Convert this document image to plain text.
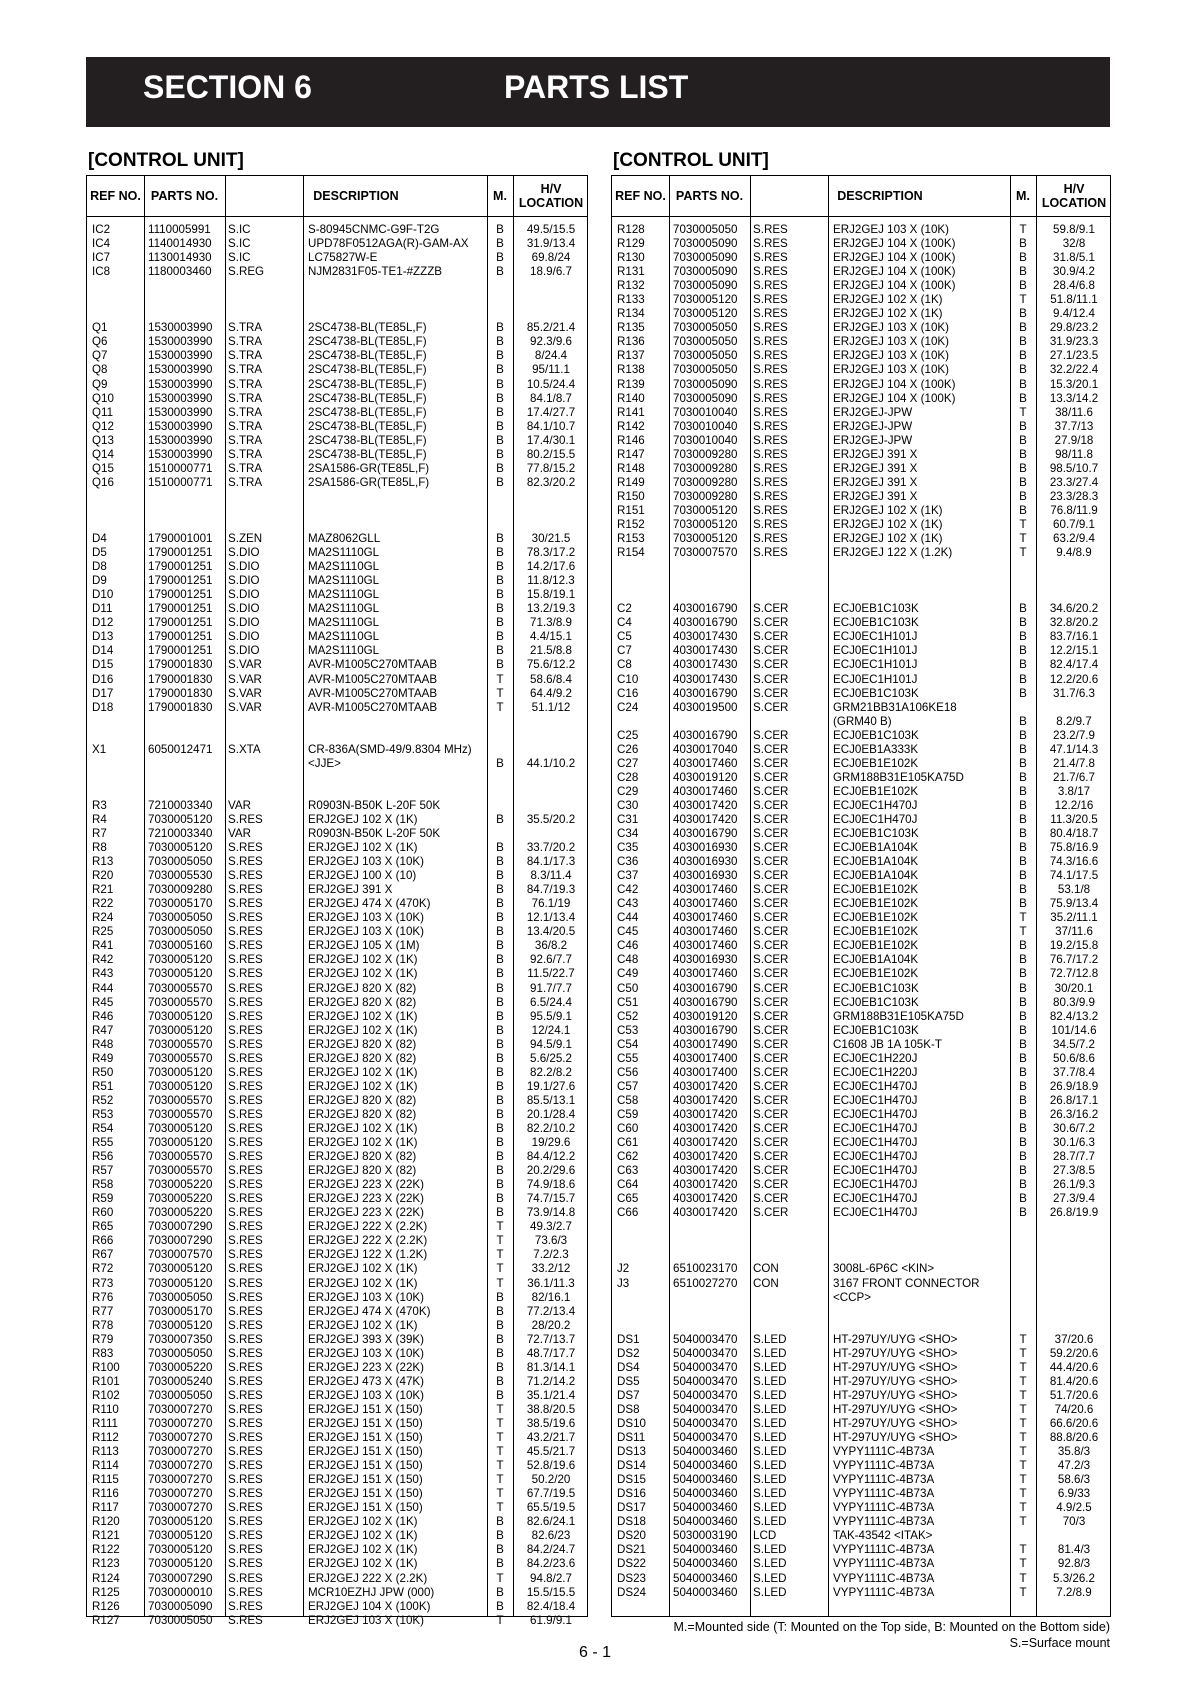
SECTION 6	PARTS LIST
[CONTROL UNIT]	[CONTROL UNIT]
REF NO. PARTS NO.	DESCRIPTION	M.	H/V LOCATION
IC2	1110005991 S.IC	S-80945CNMC-G9F-T2G	B	49.5/15.5
IC4	1140014930 S.IC	UPD78F0512AGA(R)-GAM-AX	B	31.9/13.4
IC7	1130014930 S.IC	LC75827W-E	B	69.8/24
IC8	1180003460 S.REG	NJM2831F05-TE1-#ZZZB	B	18.9/6.7
Q1	1530003990 S.TRA	2SC4738-BL(TE85L,F)	B	85.2/21.4
Q6	1530003990 S.TRA	2SC4738-BL(TE85L,F)	B	92.3/9.6
Q7	1530003990 S.TRA	2SC4738-BL(TE85L,F)	B	8/24.4
Q8	1530003990 S.TRA	2SC4738-BL(TE85L,F)	B	95/11.1
Q9	1530003990 S.TRA	2SC4738-BL(TE85L,F)	B	10.5/24.4
Q10	1530003990 S.TRA	2SC4738-BL(TE85L,F)	B	84.1/8.7
Q11	1530003990 S.TRA	2SC4738-BL(TE85L,F)	B	17.4/27.7
Q12	1530003990 S.TRA	2SC4738-BL(TE85L,F)	B	84.1/10.7
Q13	1530003990 S.TRA	2SC4738-BL(TE85L,F)	B	17.4/30.1
Q14	1530003990 S.TRA	2SC4738-BL(TE85L,F)	B	80.2/15.5
Q15	1510000771 S.TRA	2SA1586-GR(TE85L,F)	B	77.8/15.2
Q16	1510000771 S.TRA	2SA1586-GR(TE85L,F)	B	82.3/20.2
D4	1790001001 S.ZEN	MAZ8062GLL	B	30/21.5
D5	1790001251 S.DIO	MA2S1110GL	B	78.3/17.2
D8	1790001251 S.DIO	MA2S1110GL	B	14.2/17.6
D9	1790001251 S.DIO	MA2S1110GL	B	11.8/12.3
D10	1790001251 S.DIO	MA2S1110GL	B	15.8/19.1
D11	1790001251 S.DIO	MA2S1110GL	B	13.2/19.3
D12	1790001251 S.DIO	MA2S1110GL	B	71.3/8.9
D13	1790001251 S.DIO	MA2S1110GL	B	4.4/15.1
D14	1790001251 S.DIO	MA2S1110GL	B	21.5/8.8
D15	1790001830 S.VAR	AVR-M1005C270MTAAB	B	75.6/12.2
D16	1790001830 S.VAR	AVR-M1005C270MTAAB	T	58.6/8.4
D17	1790001830 S.VAR	AVR-M1005C270MTAAB	T	64.4/9.2
D18	1790001830 S.VAR	AVR-M1005C270MTAAB	T	51.1/12
X1	6050012471 S.XTA	CR-836A(SMD-49/9.8304 MHz)
<JJE>	B	44.1/10.2
R3	7210003340 VAR	R0903N-B50K L-20F 50K
R4	7030005120 S.RES	ERJ2GEJ 102 X (1K)	B	35.5/20.2
R7	7210003340 VAR	R0903N-B50K L-20F 50K
R8	7030005120 S.RES	ERJ2GEJ 102 X (1K)	B	33.7/20.2
R13	7030005050 S.RES	ERJ2GEJ 103 X (10K)	B	84.1/17.3
R20	7030005530 S.RES	ERJ2GEJ 100 X (10)	B	8.3/11.4
R21	7030009280 S.RES	ERJ2GEJ 391 X	B	84.7/19.3
R22	7030005170 S.RES	ERJ2GEJ 474 X (470K)	B	76.1/19
R24	7030005050 S.RES	ERJ2GEJ 103 X (10K)	B	12.1/13.4
R25	7030005050 S.RES	ERJ2GEJ 103 X (10K)	B	13.4/20.5
R41	7030005160 S.RES	ERJ2GEJ 105 X (1M)	B	36/8.2
R42	7030005120 S.RES	ERJ2GEJ 102 X (1K)	B	92.6/7.7
R43	7030005120 S.RES	ERJ2GEJ 102 X (1K)	B	11.5/22.7
R44	7030005570 S.RES	ERJ2GEJ 820 X (82)	B	91.7/7.7
R45	7030005570 S.RES	ERJ2GEJ 820 X (82)	B	6.5/24.4
R46	7030005120 S.RES	ERJ2GEJ 102 X (1K)	B	95.5/9.1
R47	7030005120 S.RES	ERJ2GEJ 102 X (1K)	B	12/24.1
R48	7030005570 S.RES	ERJ2GEJ 820 X (82)	B	94.5/9.1
R49	7030005570 S.RES	ERJ2GEJ 820 X (82)	B	5.6/25.2
R50	7030005120 S.RES	ERJ2GEJ 102 X (1K)	B	82.2/8.2
R51	7030005120 S.RES	ERJ2GEJ 102 X (1K)	B	19.1/27.6
R52	7030005570 S.RES	ERJ2GEJ 820 X (82)	B	85.5/13.1
R53	7030005570 S.RES	ERJ2GEJ 820 X (82)	B	20.1/28.4
R54	7030005120 S.RES	ERJ2GEJ 102 X (1K)	B	82.2/10.2
R55	7030005120 S.RES	ERJ2GEJ 102 X (1K)	B	19/29.6
R56	7030005570 S.RES	ERJ2GEJ 820 X (82)	B	84.4/12.2
R57	7030005570 S.RES	ERJ2GEJ 820 X (82)	B	20.2/29.6
R58	7030005220 S.RES	ERJ2GEJ 223 X (22K)	B	74.9/18.6
R59	7030005220 S.RES	ERJ2GEJ 223 X (22K)	B	74.7/15.7
R60	7030005220 S.RES	ERJ2GEJ 223 X (22K)	B	73.9/14.8
R65	7030007290 S.RES	ERJ2GEJ 222 X (2.2K)	T	49.3/2.7
R66	7030007290 S.RES	ERJ2GEJ 222 X (2.2K)	T	73.6/3
R67	7030007570 S.RES	ERJ2GEJ 122 X (1.2K)	T	7.2/2.3
R72	7030005120 S.RES	ERJ2GEJ 102 X (1K)	T	33.2/12
R73	7030005120 S.RES	ERJ2GEJ 102 X (1K)	T	36.1/11.3
R76	7030005050 S.RES	ERJ2GEJ 103 X (10K)	B	82/16.1
R77	7030005170 S.RES	ERJ2GEJ 474 X (470K)	B	77.2/13.4
R78	7030005120 S.RES	ERJ2GEJ 102 X (1K)	B	28/20.2
R79	7030007350 S.RES	ERJ2GEJ 393 X (39K)	B	72.7/13.7
R83	7030005050 S.RES	ERJ2GEJ 103 X (10K)	B	48.7/17.7
R100 7030005220 S.RES	ERJ2GEJ 223 X (22K)	B	81.3/14.1
R101 7030005240 S.RES	ERJ2GEJ 473 X (47K)	B	71.2/14.2
R102 7030005050 S.RES	ERJ2GEJ 103 X (10K)	B	35.1/21.4
R110	7030007270 S.RES	ERJ2GEJ 151 X (150)	T	38.8/20.5
R111	7030007270 S.RES	ERJ2GEJ 151 X (150)	T	38.5/19.6
R112	7030007270 S.RES	ERJ2GEJ 151 X (150)	T	43.2/21.7
R113	7030007270 S.RES	ERJ2GEJ 151 X (150)	T	45.5/21.7
R114	7030007270 S.RES	ERJ2GEJ 151 X (150)	T	52.8/19.6
R115	7030007270 S.RES	ERJ2GEJ 151 X (150)	T	50.2/20
R116	7030007270 S.RES	ERJ2GEJ 151 X (150)	T	67.7/19.5
R117	7030007270 S.RES	ERJ2GEJ 151 X (150)	T	65.5/19.5
R120 7030005120 S.RES	ERJ2GEJ 102 X (1K)	B	82.6/24.1
R121 7030005120 S.RES	ERJ2GEJ 102 X (1K)	B	82.6/23
R122 7030005120 S.RES	ERJ2GEJ 102 X (1K)	B	84.2/24.7
R123 7030005120 S.RES	ERJ2GEJ 102 X (1K)	B	84.2/23.6
R124 7030007290 S.RES	ERJ2GEJ 222 X (2.2K)	T	94.8/2.7
R125 7030000010 S.RES	MCR10EZHJ JPW (000)	B	15.5/15.5
R126 7030005090 S.RES	ERJ2GEJ 104 X (100K)	B	82.4/18.4
R127 7030005050 S.RES	ERJ2GEJ 103 X (10K)	T	61.9/9.1
REF NO. PARTS NO.	DESCRIPTION	M.	H/V LOCATION
R128 7030005050 S.RES	ERJ2GEJ 103 X (10K)	T	59.8/9.1
R129 7030005090 S.RES	ERJ2GEJ 104 X (100K)	B	32/8
R130 7030005090 S.RES	ERJ2GEJ 104 X (100K)	B	31.8/5.1
R131 7030005090 S.RES	ERJ2GEJ 104 X (100K)	B	30.9/4.2
R132 7030005090 S.RES	ERJ2GEJ 104 X (100K)	B	28.4/6.8
R133 7030005120 S.RES	ERJ2GEJ 102 X (1K)	T	51.8/11.1
R134 7030005120 S.RES	ERJ2GEJ 102 X (1K)	B	9.4/12.4
R135 7030005050 S.RES	ERJ2GEJ 103 X (10K)	B	29.8/23.2
R136 7030005050 S.RES	ERJ2GEJ 103 X (10K)	B	31.9/23.3
R137 7030005050 S.RES	ERJ2GEJ 103 X (10K)	B	27.1/23.5
R138 7030005050 S.RES	ERJ2GEJ 103 X (10K)	B	32.2/22.4
R139 7030005090 S.RES	ERJ2GEJ 104 X (100K)	B	15.3/20.1
R140 7030005090 S.RES	ERJ2GEJ 104 X (100K)	B	13.3/14.2
R141 7030010040 S.RES	ERJ2GEJ-JPW	T	38/11.6
R142 7030010040 S.RES	ERJ2GEJ-JPW	B	37.7/13
R146 7030010040 S.RES	ERJ2GEJ-JPW	B	27.9/18
R147 7030009280 S.RES	ERJ2GEJ 391 X	B	98/11.8
R148 7030009280 S.RES	ERJ2GEJ 391 X	B	98.5/10.7
R149 7030009280 S.RES	ERJ2GEJ 391 X	B	23.3/27.4
R150 7030009280 S.RES	ERJ2GEJ 391 X	B	23.3/28.3
R151 7030005120 S.RES	ERJ2GEJ 102 X (1K)	B	76.8/11.9
R152 7030005120 S.RES	ERJ2GEJ 102 X (1K)	T	60.7/9.1
R153 7030005120 S.RES	ERJ2GEJ 102 X (1K)	T	63.2/9.4
R154 7030007570 S.RES	ERJ2GEJ 122 X (1.2K)	T	9.4/8.9
C2	4030016790 S.CER	ECJ0EB1C103K	B	34.6/20.2
C4	4030016790 S.CER	ECJ0EB1C103K	B	32.8/20.2
C5	4030017430 S.CER	ECJ0EC1H101J	B	83.7/16.1
C7	4030017430 S.CER	ECJ0EC1H101J	B	12.2/15.1
C8	4030017430 S.CER	ECJ0EC1H101J	B	82.4/17.4
C10	4030017430 S.CER	ECJ0EC1H101J	B	12.2/20.6
C16	4030016790 S.CER	ECJ0EB1C103K	B	31.7/6.3
C24	4030019500 S.CER	GRM21BB31A106KE18
(GRM40 B)	B	8.2/9.7
C25	4030016790 S.CER	ECJ0EB1C103K	B	23.2/7.9
C26	4030017040 S.CER	ECJ0EB1A333K	B	47.1/14.3
C27	4030017460 S.CER	ECJ0EB1E102K	B	21.4/7.8
C28	4030019120 S.CER	GRM188B31E105KA75D	B	21.7/6.7
C29	4030017460 S.CER	ECJ0EB1E102K	B	3.8/17
C30	4030017420 S.CER	ECJ0EC1H470J	B	12.2/16
C31	4030017420 S.CER	ECJ0EC1H470J	B	11.3/20.5
C34	4030016790 S.CER	ECJ0EB1C103K	B	80.4/18.7
C35	4030016930 S.CER	ECJ0EB1A104K	B	75.8/16.9
C36	4030016930 S.CER	ECJ0EB1A104K	B	74.3/16.6
C37	4030016930 S.CER	ECJ0EB1A104K	B	74.1/17.5
C42	4030017460 S.CER	ECJ0EB1E102K	B	53.1/8
C43	4030017460 S.CER	ECJ0EB1E102K	B	75.9/13.4
C44	4030017460 S.CER	ECJ0EB1E102K	T	35.2/11.1
C45	4030017460 S.CER	ECJ0EB1E102K	T	37/11.6
C46	4030017460 S.CER	ECJ0EB1E102K	B	19.2/15.8
C48	4030016930 S.CER	ECJ0EB1A104K	B	76.7/17.2
C49	4030017460 S.CER	ECJ0EB1E102K	B	72.7/12.8
C50	4030016790 S.CER	ECJ0EB1C103K	B	30/20.1
C51	4030016790 S.CER	ECJ0EB1C103K	B	80.3/9.9
C52	4030019120 S.CER	GRM188B31E105KA75D	B	82.4/13.2
C53	4030016790 S.CER	ECJ0EB1C103K	B	101/14.6
C54	4030017490 S.CER	C1608 JB 1A 105K-T	B	34.5/7.2
C55	4030017400 S.CER	ECJ0EC1H220J	B	50.6/8.6
C56	4030017400 S.CER	ECJ0EC1H220J	B	37.7/8.4
C57	4030017420 S.CER	ECJ0EC1H470J	B	26.9/18.9
C58	4030017420 S.CER	ECJ0EC1H470J	B	26.8/17.1
C59	4030017420 S.CER	ECJ0EC1H470J	B	26.3/16.2
C60	4030017420 S.CER	ECJ0EC1H470J	B	30.6/7.2
C61	4030017420 S.CER	ECJ0EC1H470J	B	30.1/6.3
C62	4030017420 S.CER	ECJ0EC1H470J	B	28.7/7.7
C63	4030017420 S.CER	ECJ0EC1H470J	B	27.3/8.5
C64	4030017420 S.CER	ECJ0EC1H470J	B	26.1/9.3
C65	4030017420 S.CER	ECJ0EC1H470J	B	27.3/9.4
C66	4030017420 S.CER	ECJ0EC1H470J	B	26.8/19.9
J2	6510023170 CON	3008L-6P6C <KIN>
J3	6510027270 CON	3167 FRONT CONNECTOR
<CCP>
DS1	5040003470 S.LED	HT-297UY/UYG <SHO>	T	37/20.6
DS2	5040003470 S.LED	HT-297UY/UYG <SHO>	T	59.2/20.6
DS4	5040003470 S.LED	HT-297UY/UYG <SHO>	T	44.4/20.6
DS5	5040003470 S.LED	HT-297UY/UYG <SHO>	T	81.4/20.6
DS7	5040003470 S.LED	HT-297UY/UYG <SHO>	T	51.7/20.6
DS8	5040003470 S.LED	HT-297UY/UYG <SHO>	T	74/20.6
DS10 5040003470 S.LED	HT-297UY/UYG <SHO>	T	66.6/20.6
DS11 5040003470 S.LED	HT-297UY/UYG <SHO>	T	88.8/20.6
DS13 5040003460 S.LED	VYPY1111C-4B73A	T	35.8/3
DS14 5040003460 S.LED	VYPY1111C-4B73A	T	47.2/3
DS15 5040003460 S.LED	VYPY1111C-4B73A	T	58.6/3
DS16 5040003460 S.LED	VYPY1111C-4B73A	T	6.9/33
DS17 5040003460 S.LED	VYPY1111C-4B73A	T	4.9/2.5
DS18 5040003460 S.LED	VYPY1111C-4B73A	T	70/3
DS20 5030003190 LCD	TAK-43542 <ITAK>
DS21 5040003460 S.LED	VYPY1111C-4B73A	T	81.4/3
DS22 5040003460 S.LED	VYPY1111C-4B73A	T	92.8/3
DS23 5040003460 S.LED	VYPY1111C-4B73A	T	5.3/26.2
DS24 5040003460 S.LED	VYPY1111C-4B73A	T	7.2/8.9
M.=Mounted side (T: Mounted on the Top side, B: Mounted on the Bottom side)
S.=Surface mount
6 - 1
